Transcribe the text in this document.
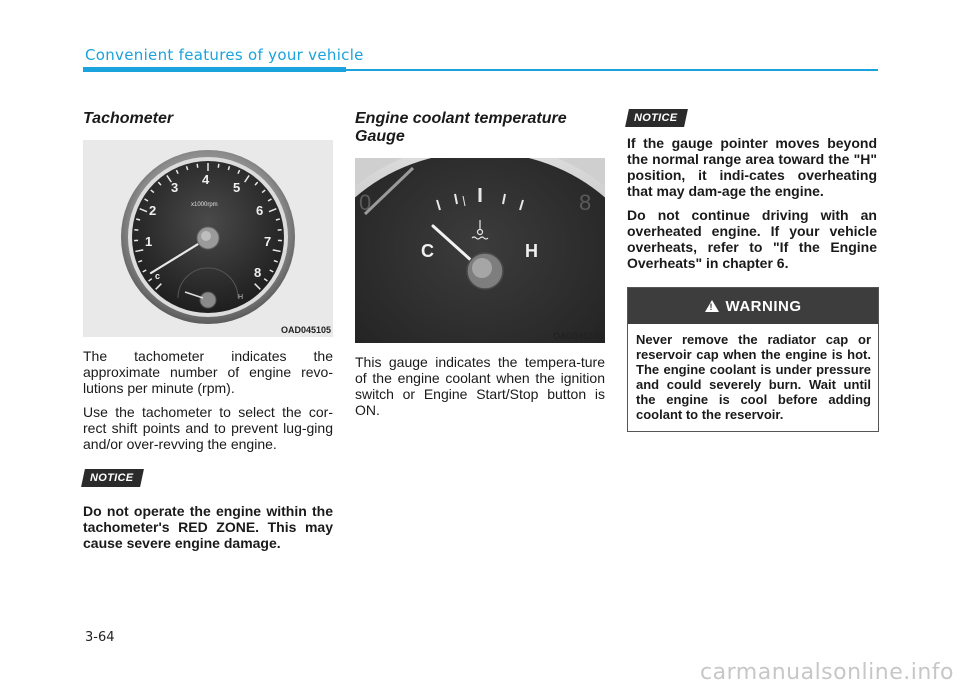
Convenient features of your vehicle
Tachometer
1
2
3
4
5
6
7
8
x1000rpm
c
H
OAD045105

The tachometer indicates the approximate number of engine revo-lutions per minute (rpm).

Use the tachometer to select the cor-rect shift points and to prevent lug-ging and/or over-revving the engine.

NOTICE

Do not operate the engine within the tachometer's RED ZONE. This may cause severe engine damage.

Engine coolant temperature Gauge
0	8
C	H
OAD045106

This gauge indicates the tempera-ture of the engine coolant when the ignition switch or Engine Start/Stop button is ON.

NOTICE

If the gauge pointer moves beyond the normal range area toward the "H" position, it indi-cates overheating that may dam-age the engine.

Do not continue driving with an overheated engine. If your vehicle overheats, refer to "If the Engine Overheats" in chapter 6.

!
WARNING
Never remove the radiator cap or reservoir cap when the engine is hot. The engine coolant is under pressure and could severely burn. Wait until the engine is cool before adding coolant to the reservoir.
3-64
carmanualsonline.info
